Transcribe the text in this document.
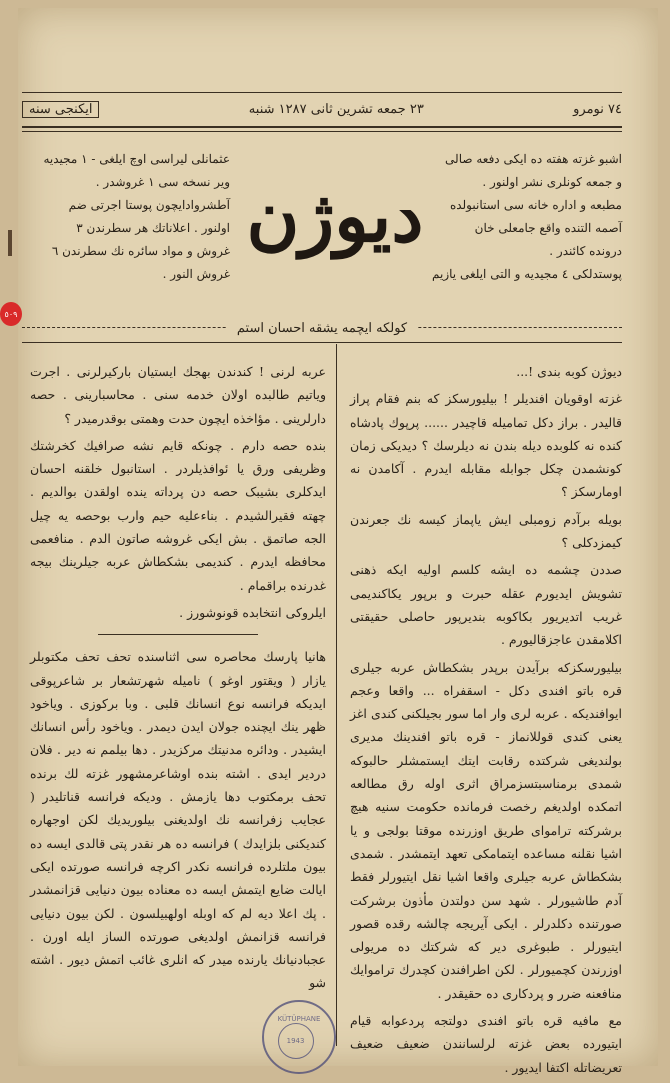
٥٠٩
٧٤ نومرو
٢٣ جمعه تشرين ثانی ١٢٨٧ شنبه
ایکنجی سنه
اشبو غزته هفته ده ایکی دفعه صالی
و جمعه کونلری نشر اولنور .
مطبعه و اداره خانه سی استانبولده
آصمه التنده واقع جامعلی خان
درونده کائندر .
پوستدلکی ٤ مجیدیه و التی ایلغی یازیم
دیوژن
عثمانلی لیراسی اوچ ایلغی - ١ مجیدیه
ویر نسخه سی ١ غروشدر .
آطشروادایچون پوستا اجرتی ضم
اولنور . اعلاناتك هر سطرندن ٣
غروش و مواد سائره نك سطرندن ٦
غروش النور .
کولکه ایچمه یشقه احسان استم

دیوژن کوبه بندی !...

غزته اوقویان افندیلر ! بیلیورسکز که بنم فقام پراز قالیدر . براز دکل تمامیله قاچیدر ...... پرپوك پادشاه کنده نه کلوبده دیله بندن نه دیلرسك ؟ دیدیکی زمان کونشمدن چکل جوابله مقابله ایدرم . آکامدن نه اومارسکز ؟

بویله برآدم زومبلی ایش یاپماز کیسه نك جعرندن کیمزدکلی ؟

صددن چشمه ده ایشه کلسم اولیه ایکه ذهنی تشویش ایدیورم عقله حبرت و برپور یکاکندیمی غریب اتدیریور بکاکوبه بندیرپور حاصلی حقیقتی اکلامقدن عاجزقالیورم .

بیلیورسکزکه برآیدن برپدر بشکطاش عربه جیلری قره باتو افندی دکل - اسقفراه ... واقعا وعجم ایوافندیکه . عربه لری وار اما سور بجیلکنی کندی اغز یعنی کندی قوللانماز - قره باتو افندینك مدیری بولندیغی شرکتده رقابت ایتك ایستمشلر حالبوکه شمدی برمناسبتسزمراق اثری اوله رق مطالعه اتمکده اولدیغم رخصت فرمانده حکومت سنیه هیچ برشرکته تراموای طریق اوزرنده موقتا بولجی و یا اشیا نقلنه مساعده ایتمامکی تعهد ایتمشدر . شمدی بشکطاش عربه جیلری واقعا اشیا نقل ایتیورلر فقط آدم طاشیورلر . شهد سن دولتدن مأذون برشرکت صورتنده دکلدرلر . ایکی آیریجه چالشه رقده قصور ایتیورلر . طبوغری دیر که شرکتك ده مریولی اوزرندن کچمیورلر . لکن اطرافندن کچدرك تراموایك منافعنه ضرر و پردکاری ده حقیقدر .

مع مافیه قره باتو افندی دولتجه پردعوابه قیام ایتیورده بعض غزته لرلسانندن ضعیف ضعیف تعریضاتله اکتفا ایدیور .

عربه لرنی ! کندندن بهجك ایستیان بارکیرلرنی . اجرت ویاتیم طالبده اولان خدمه سنی . محاسبارینی . حصه دارلرینی . مؤاخذه ایچون حدت وهمتی بوقدرمیدر ؟

بنده حصه دارم . چونکه قایم نشه صرافیك کخرشتك وظریفی ورق یا ئوافذیلردر . استانبول خلقنه احسان ایدکلری بشیبک حصه دن پرداته ینده اولقدن بوالدیم . چهته فقیرالشیدم . بناءعلیه حیم وارب بوحصه یه چیل الجه صاتمق . بش ایکی غروشه صاتون الدم . منافعمی محافظه ایدرم . کندیمی بشکطاش عربه جیلرینك بیجه غدرنده براقمام .

ایلروکی انتخابده قونوشورز .

هانیا پارسك محاصره سی اثناسنده تحف تحف مکتوبلر یازار ( ویقتور اوغو ) نامیله شهرتشعار بر شاعرپوقی ایدیکه فرانسه نوع انسانك قلبی . وبا برکوزی . ویاخود ظهر ینك ایچنده جولان ایدن دیمدر . وياخود رأس انسانك ایشیدر . ودائره مدنیتك مرکزیدر . دها بیلمم نه دیر . فلان دردیر ایدی . اشته بنده اوشاعرمشهور غزته لك برنده تحف برمکتوب دها یازمش . ودیکه فرانسه قناتلیدر ( عجایب زفرانسه نك اولدیغنی بیلوریدیك لکن اوجهاره کندیکنی بلزایدك ) فرانسه ده هر نقدر پتی قالدی ایسه ده بیون ملتلرده فرانسه نکدر اکرچه فرانسه صورتده ایکی ایالت ضایع ایتمش ایسه ده معناده بیون دنیایی قزانمشدر . پك اعلا دیه لم که اوبله اولهبیلسون . لکن بیون دنیایی فرانسه قزانمش اولدیغی صورتده الساز ایله اورن . عجبادنیانك یارنده میدر که انلری غائب اتمش دیور . اشته شو

KÜTÜPHANE
1943
